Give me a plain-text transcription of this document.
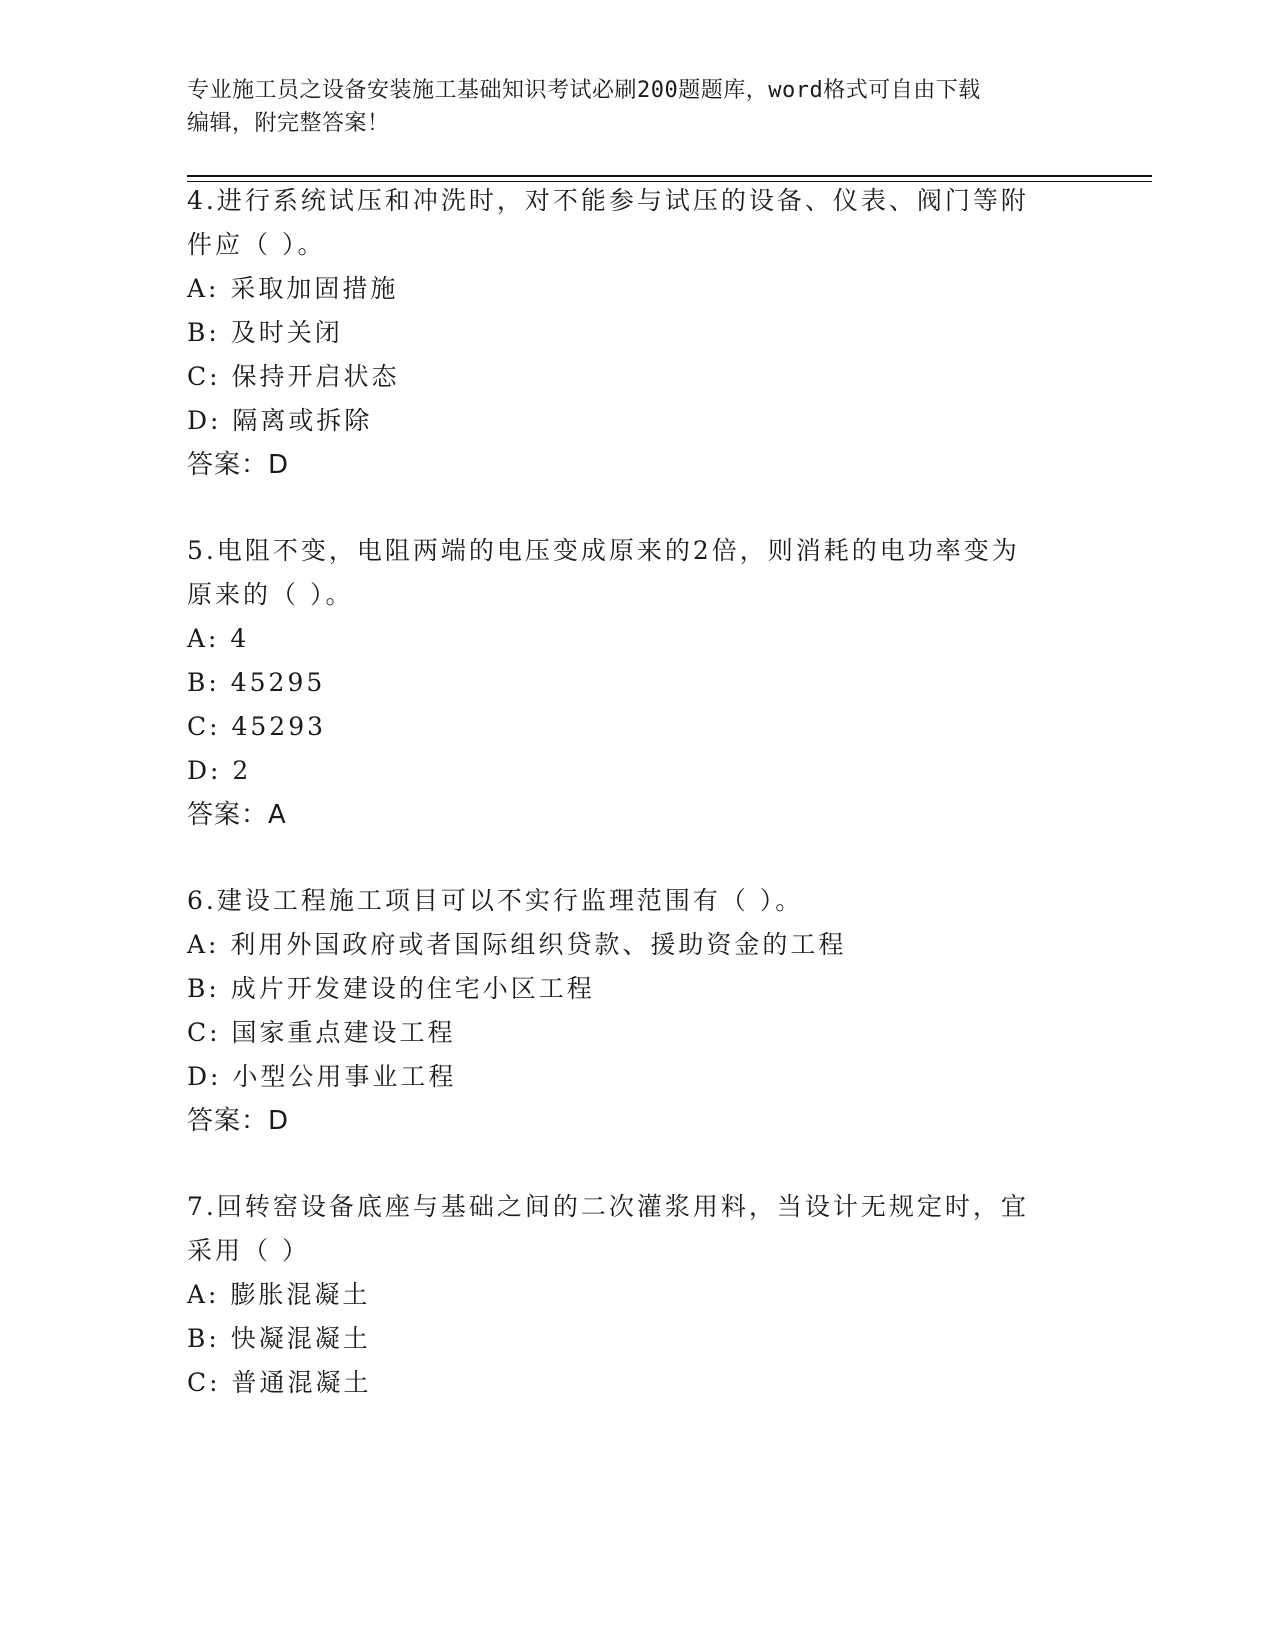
专业施工员之设备安装施工基础知识考试必刷200题题库，word格式可自由下载
编辑，附完整答案！
4.进行系统试压和冲洗时，对不能参与试压的设备、仪表、阀门等附
件应（ ）。
A: 采取加固措施
B: 及时关闭
C: 保持开启状态
D: 隔离或拆除
答案：D
5.电阻不变，电阻两端的电压变成原来的2倍，则消耗的电功率变为
原来的（ ）。
A: 4
B: 45295
C: 45293
D: 2
答案：A
6.建设工程施工项目可以不实行监理范围有（ ）。
A: 利用外国政府或者国际组织贷款、援助资金的工程
B: 成片开发建设的住宅小区工程
C: 国家重点建设工程
D: 小型公用事业工程
答案：D
7.回转窑设备底座与基础之间的二次灌浆用料，当设计无规定时，宜
采用（ ）
A: 膨胀混凝土
B: 快凝混凝土
C: 普通混凝土
